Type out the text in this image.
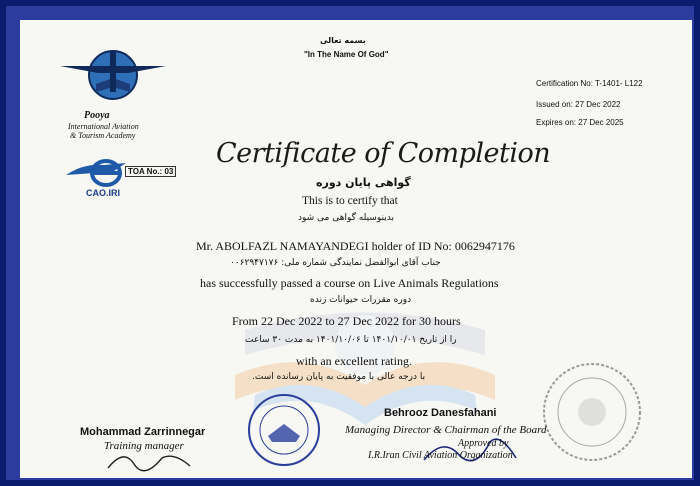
بسمه تعالی
"In The Name Of God"
Pooya
International Aviation
& Tourism Academy
TOA No.: 03
CAO.IRI
Certification No: T-1401- L122
Issued on: 27 Dec 2022
Expires on: 27 Dec 2025
Certificate of Completion
گواهی پایان دوره
This is to certify that
بدینوسیله گواهی می شود
Mr. ABOLFAZL NAMAYANDEGI holder of ID No: 0062947176
جناب آقای ابوالفضل نمایندگی شماره ملی: ۰۰۶۲۹۴۷۱۷۶
has successfully passed a course on Live Animals Regulations
دوره مقررات حیوانات زنده
From 22 Dec 2022 to 27 Dec 2022 for 30 hours
را از تاریخ ۱۴۰۱/۱۰/۰۱ تا ۱۴۰۱/۱۰/۰۶ به مدت ۳۰ ساعت
with an excellent rating.
با درجه عالی با موفقیت به پایان رسانده است.
Mohammad Zarrinnegar
Training manager
Behrooz Danesfahani
Managing Director & Chairman of the Board
Approved by
I.R.Iran Civil Aviation Organization
